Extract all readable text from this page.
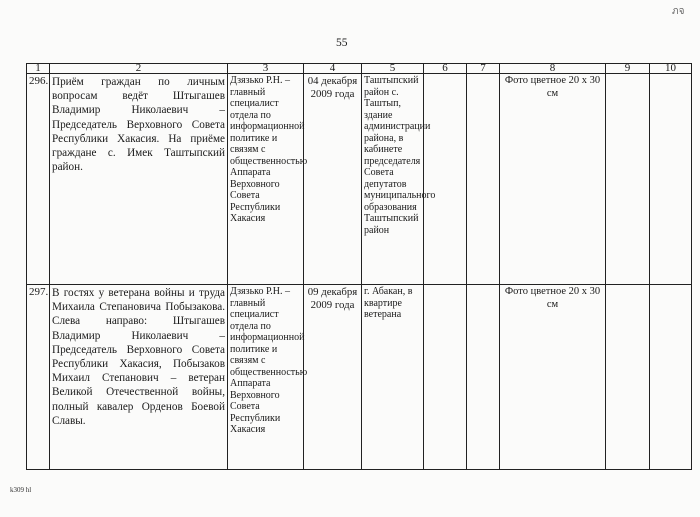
ภจ
55
1	2	3	4	5	6	7	8	9	10
296.	Приём граждан по личным вопросам ведёт Штыгашев Владимир Николаевич – Председатель Верховного Совета Республики Хакасия. На приёме граждане с. Имек Таштыпский район.	Дзязько Р.Н. – главный специалист отдела по информационной политике и связям с общественностью Аппарата Верховного Совета Республики Хакасия	04 декабря 2009 года	Таштыпский район с. Таштып, здание администрации района, в кабинете председателя Совета депутатов муниципального образования Таштыпский район			Фото цветное 20 х 30 см		
297.	В гостях у ветерана войны и труда Михаила Степановича Побызакова. Слева направо: Штыгашев Владимир Николаевич – Председатель Верховного Совета Республики Хакасия, Побызаков Михаил Степанович – ветеран Великой Отечественной войны, полный кавалер Орденов Боевой Славы.	Дзязько Р.Н. – главный специалист отдела по информационной политике и связям с общественностью Аппарата Верховного Совета Республики Хакасия	09 декабря 2009 года	г. Абакан, в квартире ветерана			Фото цветное 20 х 30 см		
k309 hl
